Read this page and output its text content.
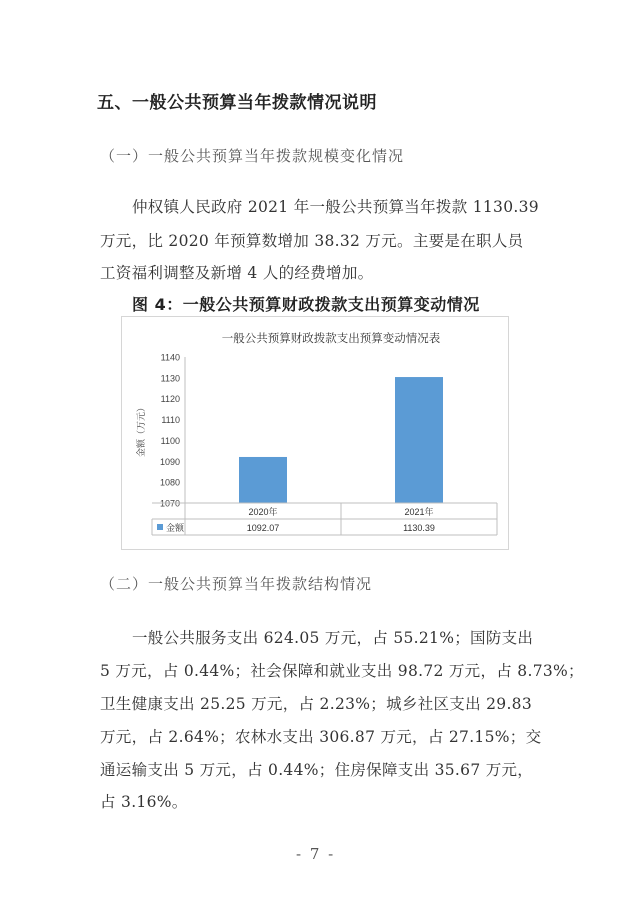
五、一般公共预算当年拨款情况说明
（一）一般公共预算当年拨款规模变化情况
仲权镇人民政府 2021 年一般公共预算当年拨款 1130.39
万元，比 2020 年预算数增加 38.32 万元。主要是在职人员
工资福利调整及新增 4 人的经费增加。
图 4：一般公共预算财政拨款支出预算变动情况
一般公共预算财政拨款支出预算变动情况表
1070
1080
1090
1100
1110
1120
1130
1140
金额（万元）
2020年
1092.07
2021年
1130.39
金额
（二）一般公共预算当年拨款结构情况
一般公共服务支出 624.05 万元，占 55.21%；国防支出
5 万元，占 0.44%；社会保障和就业支出 98.72 万元，占 8.73%；
卫生健康支出 25.25 万元，占 2.23%；城乡社区支出 29.83
万元，占 2.64%；农林水支出 306.87 万元，占 27.15%；交
通运输支出 5 万元，占 0.44%；住房保障支出 35.67 万元，
占 3.16%。
- 7 -
